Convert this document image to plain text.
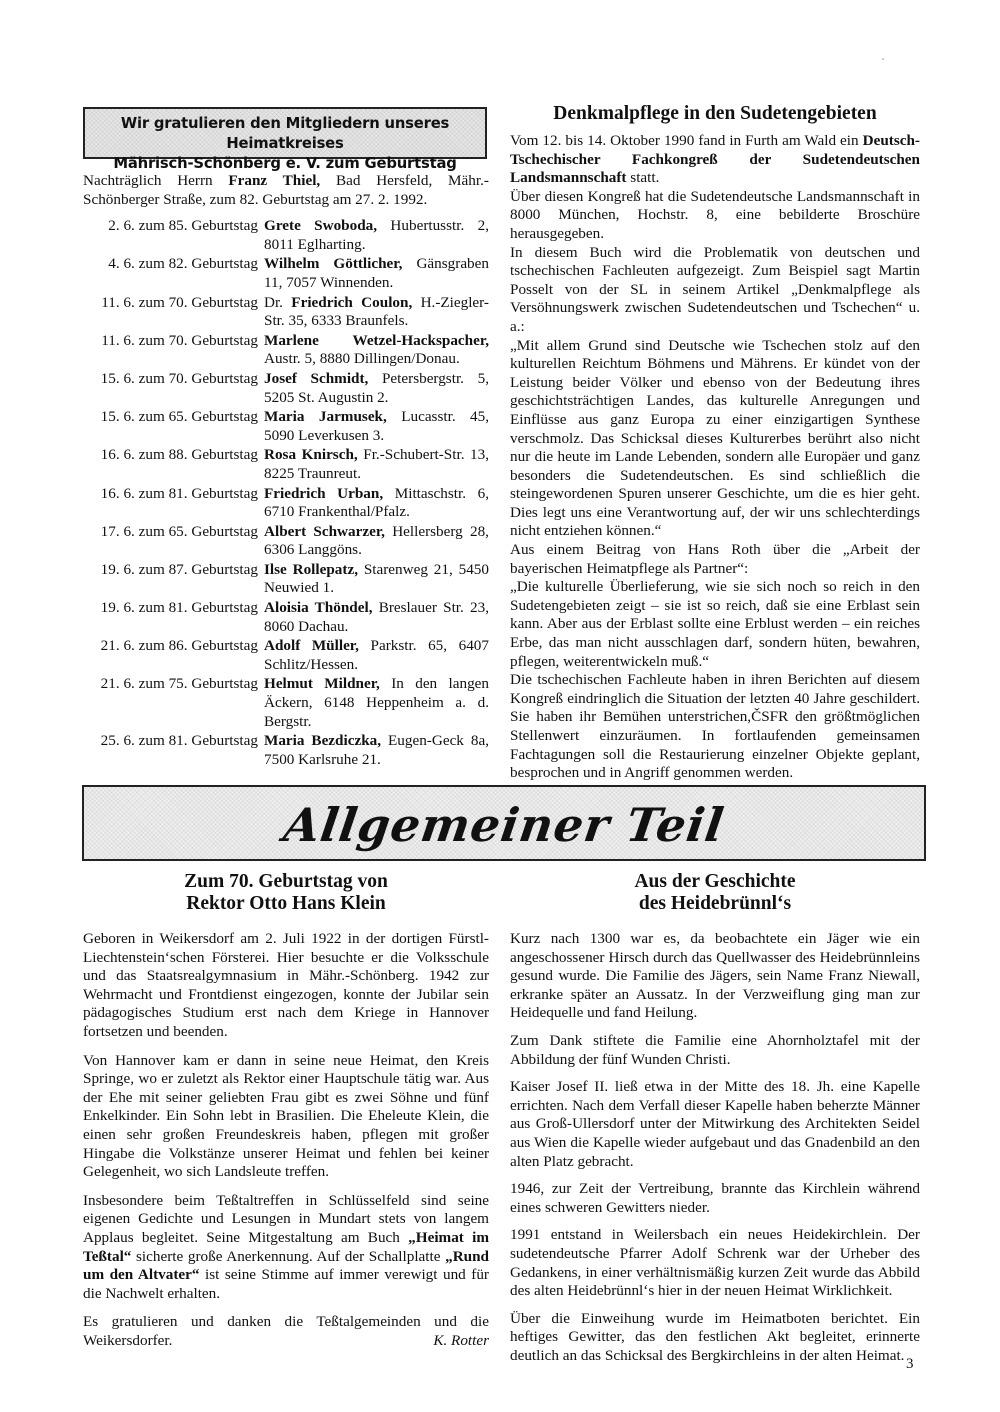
Wir gratulieren den Mitgliedern unseres Heimatkreises
Mährisch-Schönberg e. V. zum Geburtstag

Nachträglich Herrn Franz Thiel, Bad Hersfeld, Mähr.-Schönberger Straße, zum 82. Geburtstag am 27. 2. 1992.

2. 6. zum 85. Geburtstag Grete Swoboda, Hubertusstr. 2, 8011 Eglharting.
4. 6. zum 82. Geburtstag Wilhelm Göttlicher, Gänsgraben 11, 7057 Winnenden.
11. 6. zum 70. Geburtstag Dr. Friedrich Coulon, H.-Ziegler-Str. 35, 6333 Braunfels.
11. 6. zum 70. Geburtstag Marlene Wetzel-Hackspacher, Austr. 5, 8880 Dillingen/Donau.
15. 6. zum 70. Geburtstag Josef Schmidt, Petersbergstr. 5, 5205 St. Augustin 2.
15. 6. zum 65. Geburtstag Maria Jarmusek, Lucasstr. 45, 5090 Leverkusen 3.
16. 6. zum 88. Geburtstag Rosa Knirsch, Fr.-Schubert-Str. 13, 8225 Traunreut.
16. 6. zum 81. Geburtstag Friedrich Urban, Mittaschstr. 6, 6710 Frankenthal/Pfalz.
17. 6. zum 65. Geburtstag Albert Schwarzer, Hellersberg 28, 6306 Langgöns.
19. 6. zum 87. Geburtstag Ilse Rollepatz, Starenweg 21, 5450 Neuwied 1.
19. 6. zum 81. Geburtstag Aloisia Thöndel, Breslauer Str. 23, 8060 Dachau.
21. 6. zum 86. Geburtstag Adolf Müller, Parkstr. 65, 6407 Schlitz/Hessen.
21. 6. zum 75. Geburtstag Helmut Mildner, In den langen Äckern, 6148 Heppenheim a. d. Bergstr.
25. 6. zum 81. Geburtstag Maria Bezdiczka, Eugen-Geck 8a, 7500 Karlsruhe 21.
Denkmalpflege in den Sudetengebieten

Vom 12. bis 14. Oktober 1990 fand in Furth am Wald ein Deutsch-Tschechischer Fachkongreß der Sudetendeutschen Landsmannschaft statt.

Über diesen Kongreß hat die Sudetendeutsche Landsmannschaft in 8000 München, Hochstr. 8, eine bebilderte Broschüre herausgegeben.

In diesem Buch wird die Problematik von deutschen und tschechischen Fachleuten aufgezeigt. Zum Beispiel sagt Martin Posselt von der SL in seinem Artikel „Denkmalpflege als Versöhnungswerk zwischen Sudetendeutschen und Tschechen“ u. a.:

„Mit allem Grund sind Deutsche wie Tschechen stolz auf den kulturellen Reichtum Böhmens und Mährens. Er kündet von der Leistung beider Völker und ebenso von der Bedeutung ihres geschichtsträchtigen Landes, das kulturelle Anregungen und Einflüsse aus ganz Europa zu einer einzigartigen Synthese verschmolz. Das Schicksal dieses Kulturerbes berührt also nicht nur die heute im Lande Lebenden, sondern alle Europäer und ganz besonders die Sudetendeutschen. Es sind schließlich die steingewordenen Spuren unserer Geschichte, um die es hier geht. Dies legt uns eine Verantwortung auf, der wir uns schlechterdings nicht entziehen können.“

Aus einem Beitrag von Hans Roth über die „Arbeit der bayerischen Heimatpflege als Partner“:

„Die kulturelle Überlieferung, wie sie sich noch so reich in den Sudetengebieten zeigt – sie ist so reich, daß sie eine Erblast sein kann. Aber aus der Erblast sollte eine Erblust werden – ein reiches Erbe, das man nicht ausschlagen darf, sondern hüten, bewahren, pflegen, weiterentwickeln muß.“

Die tschechischen Fachleute haben in ihren Berichten auf diesem Kongreß eindringlich die Situation der letzten 40 Jahre geschildert. Sie haben ihr Bemühen unterstrichen,ČSFR den größtmöglichen Stellenwert einzuräumen. In fortlaufenden gemeinsamen Fachtagungen soll die Restaurierung einzelner Objekte geplant, besprochen und in Angriff genommen werden.

Allgemeiner Teil
Zum 70. Geburtstag von
Rektor Otto Hans Klein

Geboren in Weikersdorf am 2. Juli 1922 in der dortigen Fürstl-Liechtenstein‘schen Försterei. Hier besuchte er die Volksschule und das Staatsrealgymnasium in Mähr.-Schönberg. 1942 zur Wehrmacht und Frontdienst eingezogen, konnte der Jubilar sein pädagogisches Studium erst nach dem Kriege in Hannover fortsetzen und beenden.

Von Hannover kam er dann in seine neue Heimat, den Kreis Springe, wo er zuletzt als Rektor einer Hauptschule tätig war. Aus der Ehe mit seiner geliebten Frau gibt es zwei Söhne und fünf Enkelkinder. Ein Sohn lebt in Brasilien. Die Eheleute Klein, die einen sehr großen Freundeskreis haben, pflegen mit großer Hingabe die Volkstänze unserer Heimat und fehlen bei keiner Gelegenheit, wo sich Landsleute treffen.

Insbesondere beim Teßtaltreffen in Schlüsselfeld sind seine eigenen Gedichte und Lesungen in Mundart stets von langem Applaus begleitet. Seine Mitgestaltung am Buch „Heimat im Teßtal“ sicherte große Anerkennung. Auf der Schallplatte „Rund um den Altvater“ ist seine Stimme auf immer verewigt und für die Nachwelt erhalten.

Es gratulieren und danken die Teßtalgemeinden und die Weikersdorfer.	K. Rotter

Aus der Geschichte
des Heidebrünnl‘s

Kurz nach 1300 war es, da beobachtete ein Jäger wie ein angeschossener Hirsch durch das Quellwasser des Heidebrünnleins gesund wurde. Die Familie des Jägers, sein Name Franz Niewall, erkranke später an Aussatz. In der Verzweiflung ging man zur Heidequelle und fand Heilung.

Zum Dank stiftete die Familie eine Ahornholztafel mit der Abbildung der fünf Wunden Christi.

Kaiser Josef II. ließ etwa in der Mitte des 18. Jh. eine Kapelle errichten. Nach dem Verfall dieser Kapelle haben beherzte Männer aus Groß-Ullersdorf unter der Mitwirkung des Architekten Seidel aus Wien die Kapelle wieder aufgebaut und das Gnadenbild an den alten Platz gebracht.

1946, zur Zeit der Vertreibung, brannte das Kirchlein während eines schweren Gewitters nieder.

1991 entstand in Weilersbach ein neues Heidekirchlein. Der sudetendeutsche Pfarrer Adolf Schrenk war der Urheber des Gedankens, in einer verhältnismäßig kurzen Zeit wurde das Abbild des alten Heidebrünnl‘s hier in der neuen Heimat Wirklichkeit.

Über die Einweihung wurde im Heimatboten berichtet. Ein heftiges Gewitter, das den festlichen Akt begleitet, erinnerte deutlich an das Schicksal des Bergkirchleins in der alten Heimat.

3
